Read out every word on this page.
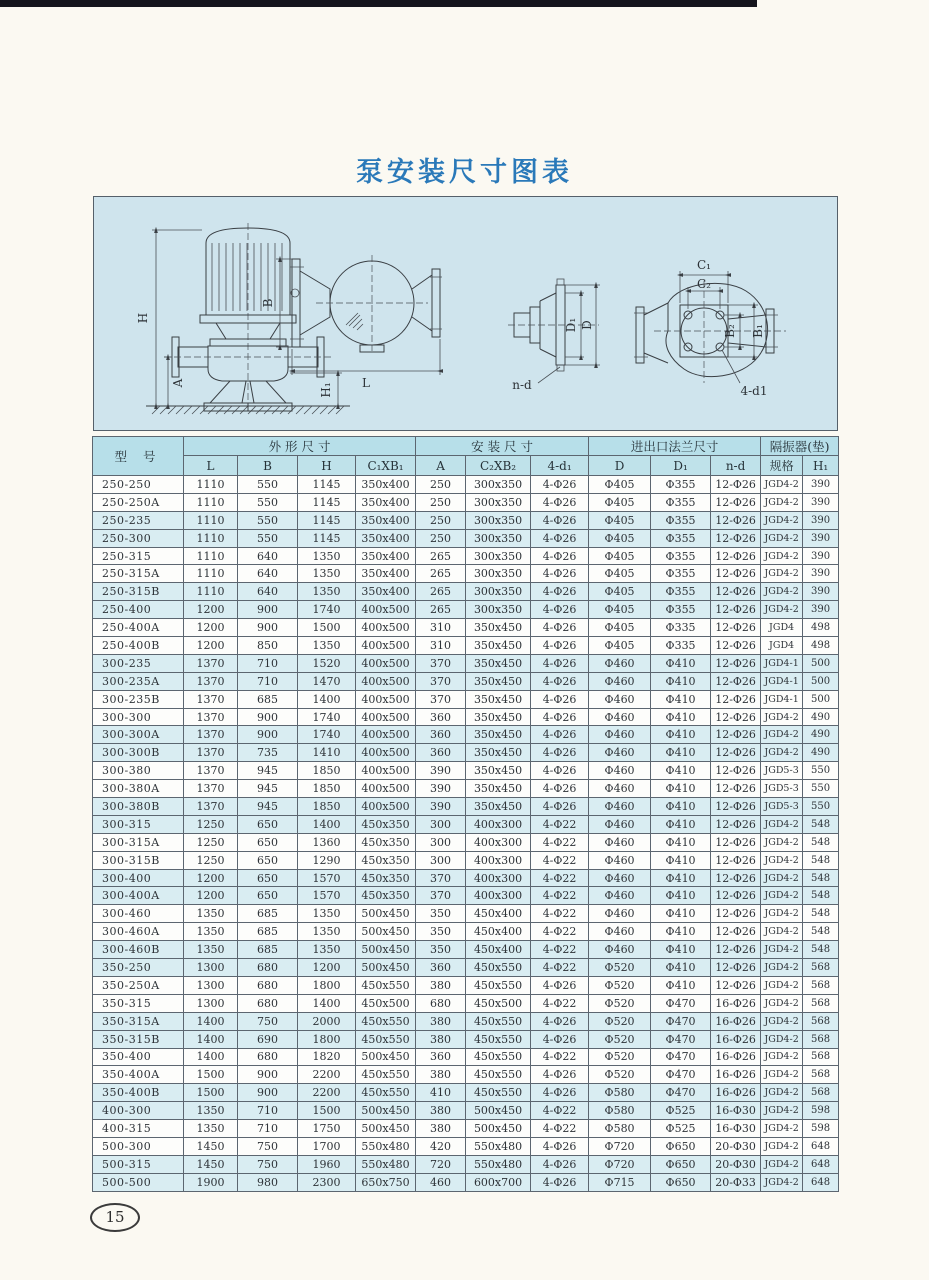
泵安装尺寸图表
H
A	H₁
B
L
D₁ D
n-d
C₁
C₂
B₂ B₁
4-d1
型 号	外 形 尺 寸				安 装 尺 寸			进出口法兰尺寸			隔振器(垫)	
	L	B	H	C₁XB₁	A	C₂XB₂	4-d₁	D	D₁	n-d	规格	H₁
250-250	1110	550	1145	350x400	250	300x350	4-Φ26	Φ405	Φ355	12-Φ26	JGD4-2	390
250-250A	1110	550	1145	350x400	250	300x350	4-Φ26	Φ405	Φ355	12-Φ26	JGD4-2	390
250-235	1110	550	1145	350x400	250	300x350	4-Φ26	Φ405	Φ355	12-Φ26	JGD4-2	390
250-300	1110	550	1145	350x400	250	300x350	4-Φ26	Φ405	Φ355	12-Φ26	JGD4-2	390
250-315	1110	640	1350	350x400	265	300x350	4-Φ26	Φ405	Φ355	12-Φ26	JGD4-2	390
250-315A	1110	640	1350	350x400	265	300x350	4-Φ26	Φ405	Φ355	12-Φ26	JGD4-2	390
250-315B	1110	640	1350	350x400	265	300x350	4-Φ26	Φ405	Φ355	12-Φ26	JGD4-2	390
250-400	1200	900	1740	400x500	265	300x350	4-Φ26	Φ405	Φ355	12-Φ26	JGD4-2	390
250-400A	1200	900	1500	400x500	310	350x450	4-Φ26	Φ405	Φ335	12-Φ26	JGD4	498
250-400B	1200	850	1350	400x500	310	350x450	4-Φ26	Φ405	Φ335	12-Φ26	JGD4	498
300-235	1370	710	1520	400x500	370	350x450	4-Φ26	Φ460	Φ410	12-Φ26	JGD4-1	500
300-235A	1370	710	1470	400x500	370	350x450	4-Φ26	Φ460	Φ410	12-Φ26	JGD4-1	500
300-235B	1370	685	1400	400x500	370	350x450	4-Φ26	Φ460	Φ410	12-Φ26	JGD4-1	500
300-300	1370	900	1740	400x500	360	350x450	4-Φ26	Φ460	Φ410	12-Φ26	JGD4-2	490
300-300A	1370	900	1740	400x500	360	350x450	4-Φ26	Φ460	Φ410	12-Φ26	JGD4-2	490
300-300B	1370	735	1410	400x500	360	350x450	4-Φ26	Φ460	Φ410	12-Φ26	JGD4-2	490
300-380	1370	945	1850	400x500	390	350x450	4-Φ26	Φ460	Φ410	12-Φ26	JGD5-3	550
300-380A	1370	945	1850	400x500	390	350x450	4-Φ26	Φ460	Φ410	12-Φ26	JGD5-3	550
300-380B	1370	945	1850	400x500	390	350x450	4-Φ26	Φ460	Φ410	12-Φ26	JGD5-3	550
300-315	1250	650	1400	450x350	300	400x300	4-Φ22	Φ460	Φ410	12-Φ26	JGD4-2	548
300-315A	1250	650	1360	450x350	300	400x300	4-Φ22	Φ460	Φ410	12-Φ26	JGD4-2	548
300-315B	1250	650	1290	450x350	300	400x300	4-Φ22	Φ460	Φ410	12-Φ26	JGD4-2	548
300-400	1200	650	1570	450x350	370	400x300	4-Φ22	Φ460	Φ410	12-Φ26	JGD4-2	548
300-400A	1200	650	1570	450x350	370	400x300	4-Φ22	Φ460	Φ410	12-Φ26	JGD4-2	548
300-460	1350	685	1350	500x450	350	450x400	4-Φ22	Φ460	Φ410	12-Φ26	JGD4-2	548
300-460A	1350	685	1350	500x450	350	450x400	4-Φ22	Φ460	Φ410	12-Φ26	JGD4-2	548
300-460B	1350	685	1350	500x450	350	450x400	4-Φ22	Φ460	Φ410	12-Φ26	JGD4-2	548
350-250	1300	680	1200	500x450	360	450x550	4-Φ22	Φ520	Φ410	12-Φ26	JGD4-2	568
350-250A	1300	680	1800	450x550	380	450x550	4-Φ26	Φ520	Φ410	12-Φ26	JGD4-2	568
350-315	1300	680	1400	450x500	680	450x500	4-Φ22	Φ520	Φ470	16-Φ26	JGD4-2	568
350-315A	1400	750	2000	450x550	380	450x550	4-Φ26	Φ520	Φ470	16-Φ26	JGD4-2	568
350-315B	1400	690	1800	450x550	380	450x550	4-Φ26	Φ520	Φ470	16-Φ26	JGD4-2	568
350-400	1400	680	1820	500x450	360	450x550	4-Φ22	Φ520	Φ470	16-Φ26	JGD4-2	568
350-400A	1500	900	2200	450x550	380	450x550	4-Φ26	Φ520	Φ470	16-Φ26	JGD4-2	568
350-400B	1500	900	2200	450x550	410	450x550	4-Φ26	Φ580	Φ470	16-Φ26	JGD4-2	568
400-300	1350	710	1500	500x450	380	500x450	4-Φ22	Φ580	Φ525	16-Φ30	JGD4-2	598
400-315	1350	710	1750	500x450	380	500x450	4-Φ22	Φ580	Φ525	16-Φ30	JGD4-2	598
500-300	1450	750	1700	550x480	420	550x480	4-Φ26	Φ720	Φ650	20-Φ30	JGD4-2	648
500-315	1450	750	1960	550x480	720	550x480	4-Φ26	Φ720	Φ650	20-Φ30	JGD4-2	648
500-500	1900	980	2300	650x750	460	600x700	4-Φ26	Φ715	Φ650	20-Φ33	JGD4-2	648
15
